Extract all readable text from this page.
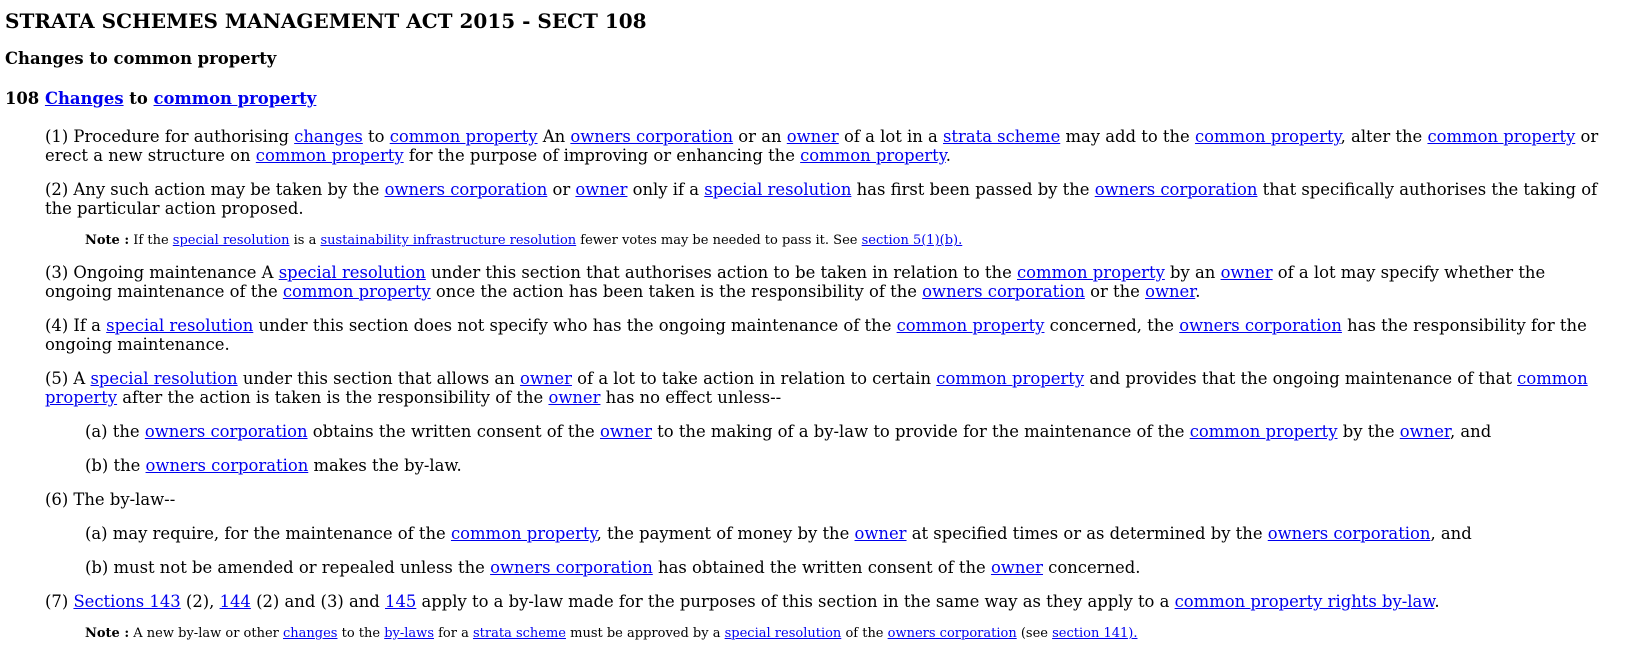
STRATA SCHEMES MANAGEMENT ACT 2015 - SECT 108
Changes to common property
108 Changes to common property

(1) Procedure for authorising changes to common property An owners corporation or an owner of a lot in a strata scheme may add to the common property, alter the common property or erect a new structure on common property for the purpose of improving or enhancing the common property.

(2) Any such action may be taken by the owners corporation or owner only if a special resolution has first been passed by the owners corporation that specifically authorises the taking of the particular action proposed.

Note : If the special resolution is a sustainability infrastructure resolution fewer votes may be needed to pass it. See section 5(1)(b).

(3) Ongoing maintenance A special resolution under this section that authorises action to be taken in relation to the common property by an owner of a lot may specify whether the ongoing maintenance of the common property once the action has been taken is the responsibility of the owners corporation or the owner.

(4) If a special resolution under this section does not specify who has the ongoing maintenance of the common property concerned, the owners corporation has the responsibility for the ongoing maintenance.

(5) A special resolution under this section that allows an owner of a lot to take action in relation to certain common property and provides that the ongoing maintenance of that common property after the action is taken is the responsibility of the owner has no effect unless--

(a) the owners corporation obtains the written consent of the owner to the making of a by-law to provide for the maintenance of the common property by the owner, and

(b) the owners corporation makes the by-law.

(6) The by-law--

(a) may require, for the maintenance of the common property, the payment of money by the owner at specified times or as determined by the owners corporation, and

(b) must not be amended or repealed unless the owners corporation has obtained the written consent of the owner concerned.

(7) Sections 143 (2), 144 (2) and (3) and 145 apply to a by-law made for the purposes of this section in the same way as they apply to a common property rights by-law.

Note : A new by-law or other changes to the by-laws for a strata scheme must be approved by a special resolution of the owners corporation (see section 141).
